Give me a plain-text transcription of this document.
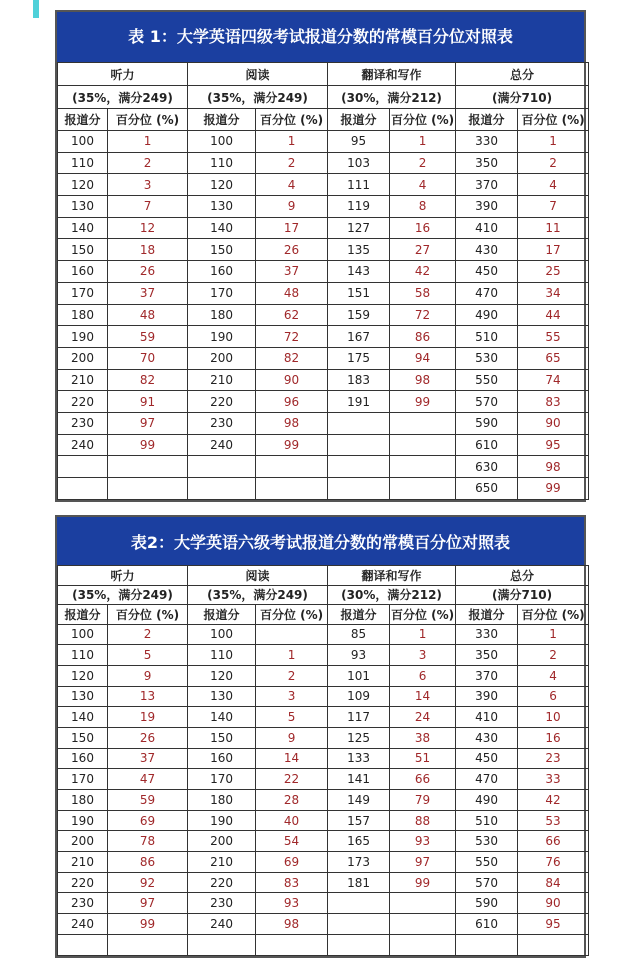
表 1：大学英语四级考试报道分数的常模百分位对照表
听力		阅读		翻译和写作		总分	
(35%，满分249)		(35%，满分249)		(30%，满分212)		(满分710)	
报道分	百分位 (%)	报道分	百分位 (%)	报道分	百分位 (%)	报道分	百分位 (%)
100	1	100	1	95	1	330	1
110	2	110	2	103	2	350	2
120	3	120	4	111	4	370	4
130	7	130	9	119	8	390	7
140	12	140	17	127	16	410	11
150	18	150	26	135	27	430	17
160	26	160	37	143	42	450	25
170	37	170	48	151	58	470	34
180	48	180	62	159	72	490	44
190	59	190	72	167	86	510	55
200	70	200	82	175	94	530	65
210	82	210	90	183	98	550	74
220	91	220	96	191	99	570	83
230	97	230	98			590	90
240	99	240	99			610	95
						630	98
						650	99
表2：大学英语六级考试报道分数的常模百分位对照表
听力		阅读		翻译和写作		总分	
(35%，满分249)		(35%，满分249)		(30%，满分212)		(满分710)	
报道分	百分位 (%)	报道分	百分位 (%)	报道分	百分位 (%)	报道分	百分位 (%)
100	2	100		85	1	330	1
110	5	110	1	93	3	350	2
120	9	120	2	101	6	370	4
130	13	130	3	109	14	390	6
140	19	140	5	117	24	410	10
150	26	150	9	125	38	430	16
160	37	160	14	133	51	450	23
170	47	170	22	141	66	470	33
180	59	180	28	149	79	490	42
190	69	190	40	157	88	510	53
200	78	200	54	165	93	530	66
210	86	210	69	173	97	550	76
220	92	220	83	181	99	570	84
230	97	230	93			590	90
240	99	240	98			610	95
